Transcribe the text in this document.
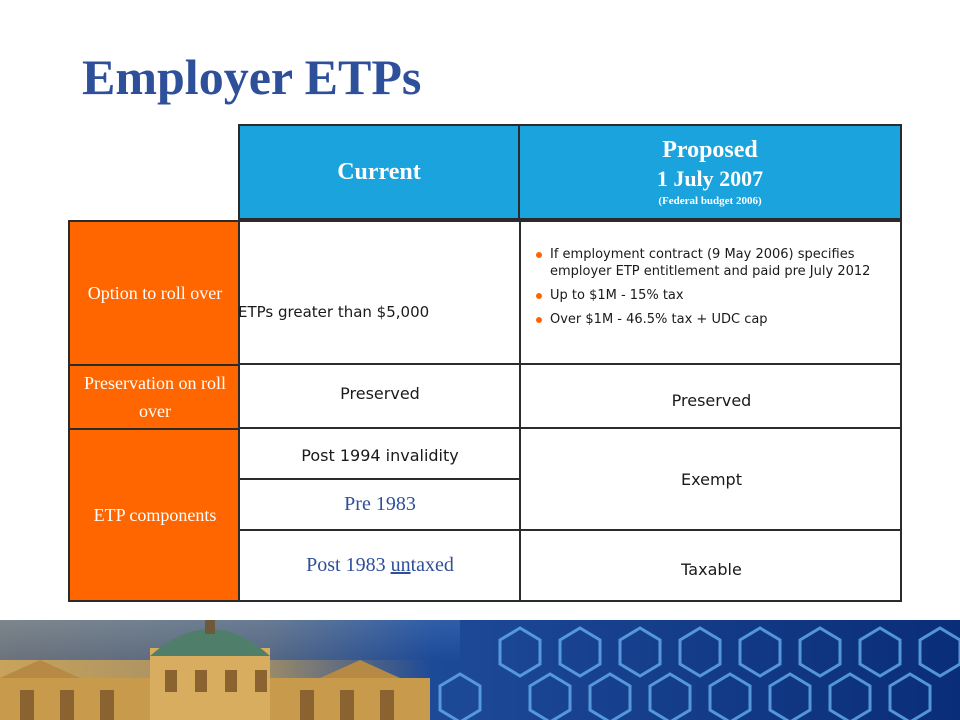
Employer ETPs
Current
Proposed
1 July 2007
(Federal budget 2006)
Option to roll over
Preservation on roll over
ETP components
ETPs greater than $5,000
If employment contract (9 May 2006) specifies employer ETP entitlement and paid pre July 2012
Up to $1M - 15% tax
Over $1M - 46.5% tax + UDC cap
Preserved	Preserved
Post 1994 invalidity
Pre 1983
Post 1983 un taxed
Exempt
Taxable
